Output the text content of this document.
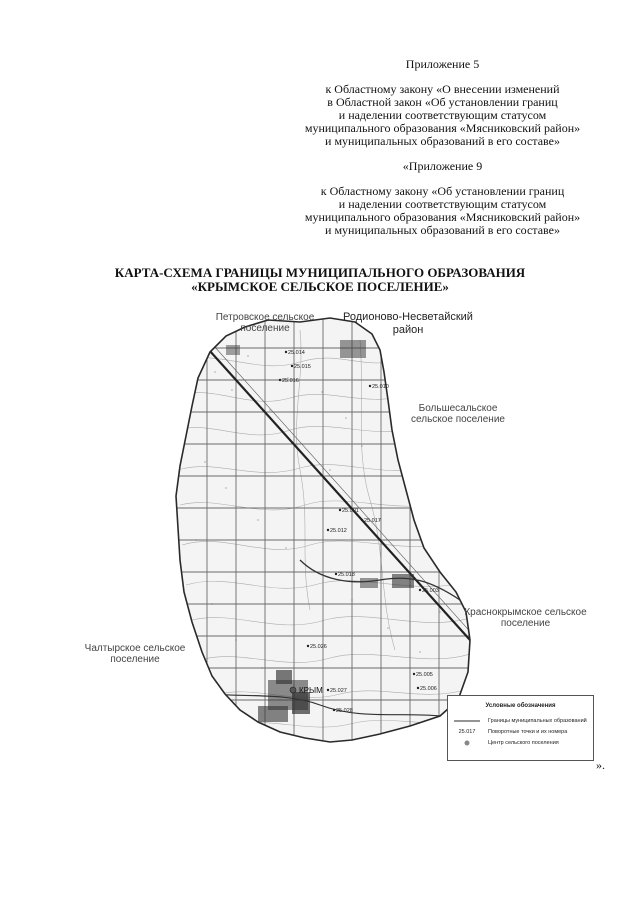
Приложение 5
к Областному закону «О внесении изменений
в Областной закон «Об установлении границ
и наделении соответствующим статусом
муниципального образования «Мясниковский район»
и муниципальных образований в его составе»
«Приложение 9
к Областному закону «Об установлении границ
и наделении соответствующим статусом
муниципального образования «Мясниковский район»
и муниципальных образований в его составе»
КАРТА-СХЕМА ГРАНИЦЫ МУНИЦИПАЛЬНОГО ОБРАЗОВАНИЯ
«КРЫМСКОЕ СЕЛЬСКОЕ ПОСЕЛЕНИЕ»
КРЫМ
25.014
25.015
25.016
25.001
25.012
25.017
25.018
25.003
25.026
25.027
25.028
25.005
25.006
25.010
Петровское сельское поселение
Родионово-Несветайский район
Большесальское сельское поселение
Краснокрымское сельское поселение
Чалтырское сельское поселение
Условные обозначения
Границы муниципальных образований
25.017	Поворотные точки и их номера
Центр сельского поселения
».
